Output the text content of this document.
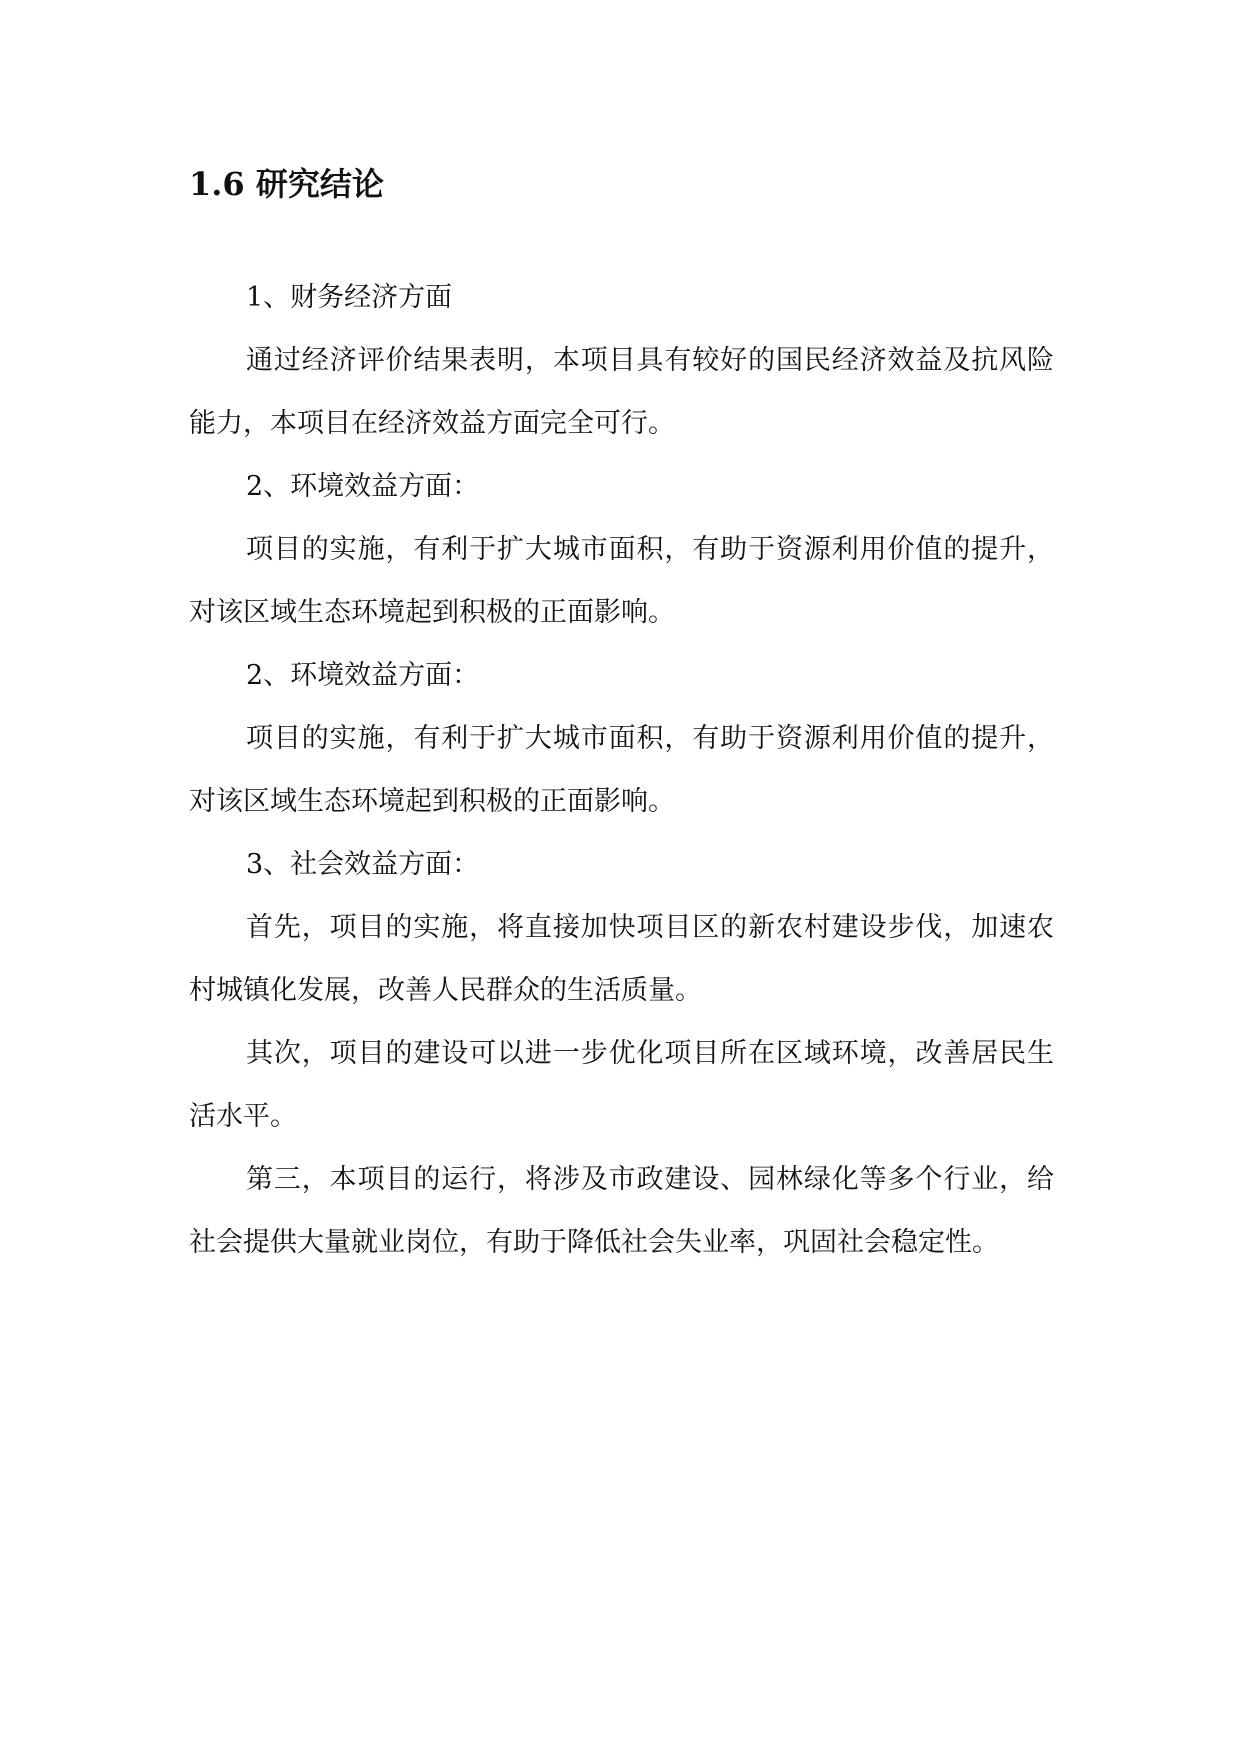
1.6 研究结论

1、财务经济方面

通过经济评价结果表明，本项目具有较好的国民经济效益及抗风险能力，本项目在经济效益方面完全可行。

2、环境效益方面：

项目的实施，有利于扩大城市面积，有助于资源利用价值的提升，对该区域生态环境起到积极的正面影响。

2、环境效益方面：

项目的实施，有利于扩大城市面积，有助于资源利用价值的提升，对该区域生态环境起到积极的正面影响。

3、社会效益方面：

首先，项目的实施，将直接加快项目区的新农村建设步伐，加速农村城镇化发展，改善人民群众的生活质量。

其次，项目的建设可以进一步优化项目所在区域环境，改善居民生活水平。

第三，本项目的运行，将涉及市政建设、园林绿化等多个行业，给社会提供大量就业岗位，有助于降低社会失业率，巩固社会稳定性。
